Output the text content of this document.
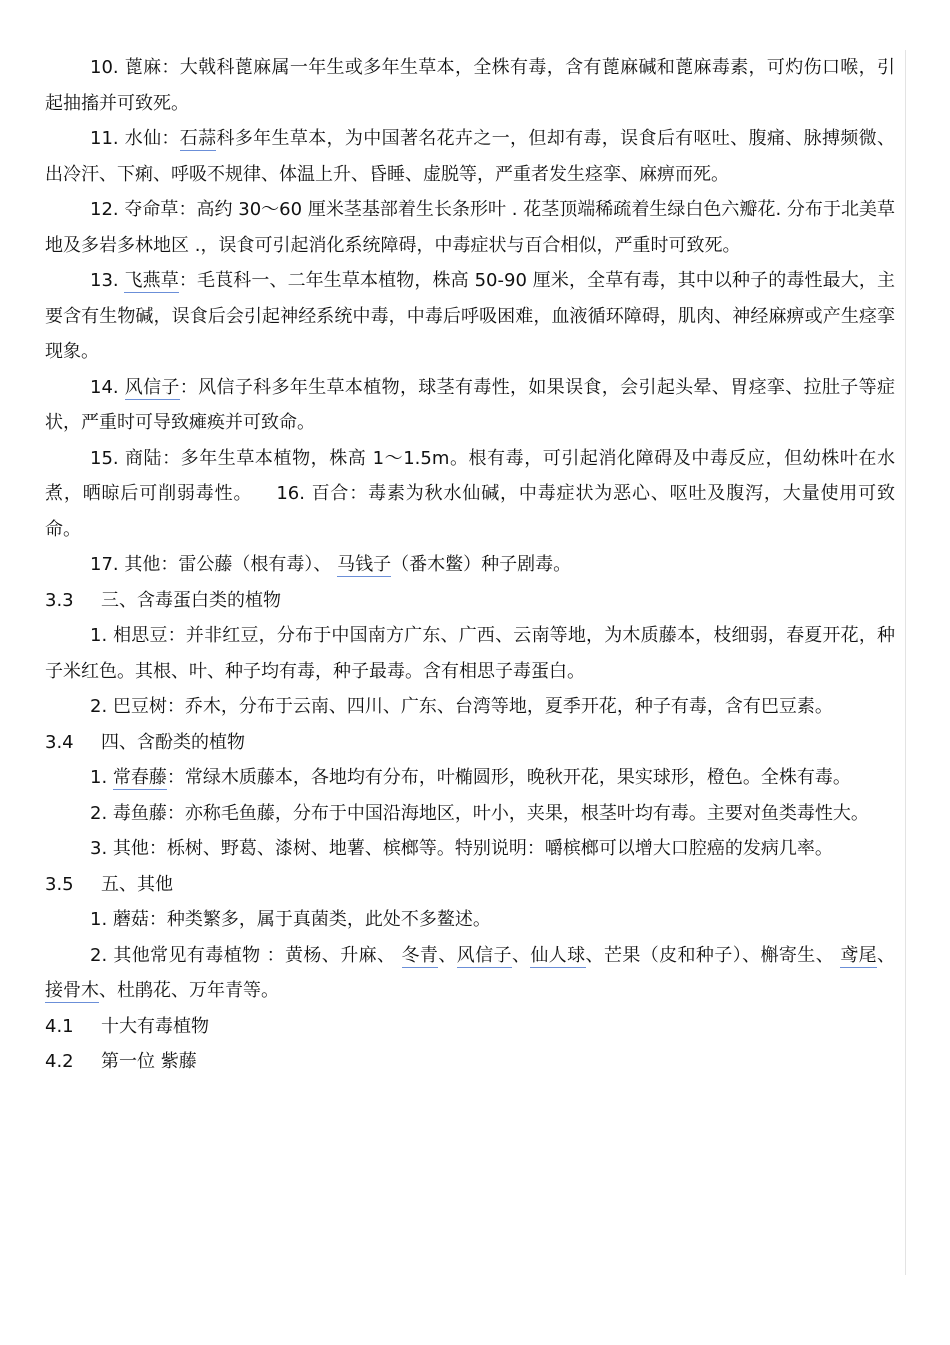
10. 蓖麻：大戟科蓖麻属一年生或多年生草本，全株有毒，含有蓖麻碱和蓖麻毒素，可灼伤口喉，引起抽搐并可致死。

11. 水仙：石蒜科多年生草本，为中国著名花卉之一，但却有毒，误食后有呕吐、腹痛、脉搏频微、出冷汗、下痢、呼吸不规律、体温上升、昏睡、虚脱等，严重者发生痉挛、麻痹而死。

12. 夺命草：高约 30～60 厘米茎基部着生长条形叶 . 花茎顶端稀疏着生绿白色六瓣花. 分布于北美草地及多岩多林地区 .，误食可引起消化系统障碍，中毒症状与百合相似，严重时可致死。

13. 飞燕草：毛茛科一、二年生草本植物，株高 50-90 厘米，全草有毒，其中以种子的毒性最大，主要含有生物碱，误食后会引起神经系统中毒，中毒后呼吸困难，血液循环障碍，肌肉、神经麻痹或产生痉挛现象。

14. 风信子：风信子科多年生草本植物，球茎有毒性，如果误食，会引起头晕、胃痉挛、拉肚子等症状，严重时可导致瘫痪并可致命。

15. 商陆：多年生草本植物，株高 1～1.5m。根有毒，可引起消化障碍及中毒反应，但幼株叶在水煮，晒晾后可削弱毒性。 16. 百合：毒素为秋水仙碱，中毒症状为恶心、呕吐及腹泻，大量使用可致命。

17. 其他：雷公藤（根有毒）、 马钱子（番木鳖）种子剧毒。

3.3 三、含毒蛋白类的植物

1. 相思豆：并非红豆，分布于中国南方广东、广西、云南等地，为木质藤本，枝细弱，春夏开花，种子米红色。其根、叶、种子均有毒，种子最毒。含有相思子毒蛋白。

2. 巴豆树：乔木，分布于云南、四川、广东、台湾等地，夏季开花，种子有毒，含有巴豆素。

3.4 四、含酚类的植物

1. 常春藤：常绿木质藤本，各地均有分布，叶椭圆形，晚秋开花，果实球形，橙色。全株有毒。

2. 毒鱼藤：亦称毛鱼藤，分布于中国沿海地区，叶小，夹果，根茎叶均有毒。主要对鱼类毒性大。

3. 其他：栎树、野葛、漆树、地薯、槟榔等。特别说明：嚼槟榔可以增大口腔癌的发病几率。

3.5 五、其他

1. 蘑菇：种类繁多，属于真菌类，此处不多鳌述。

2. 其他常见有毒植物 ：黄杨、升麻、 冬青、风信子、仙人球、芒果（皮和种子）、槲寄生、 鸢尾、接骨木、杜鹃花、万年青等。

4.1 十大有毒植物

4.2 第一位 紫藤
